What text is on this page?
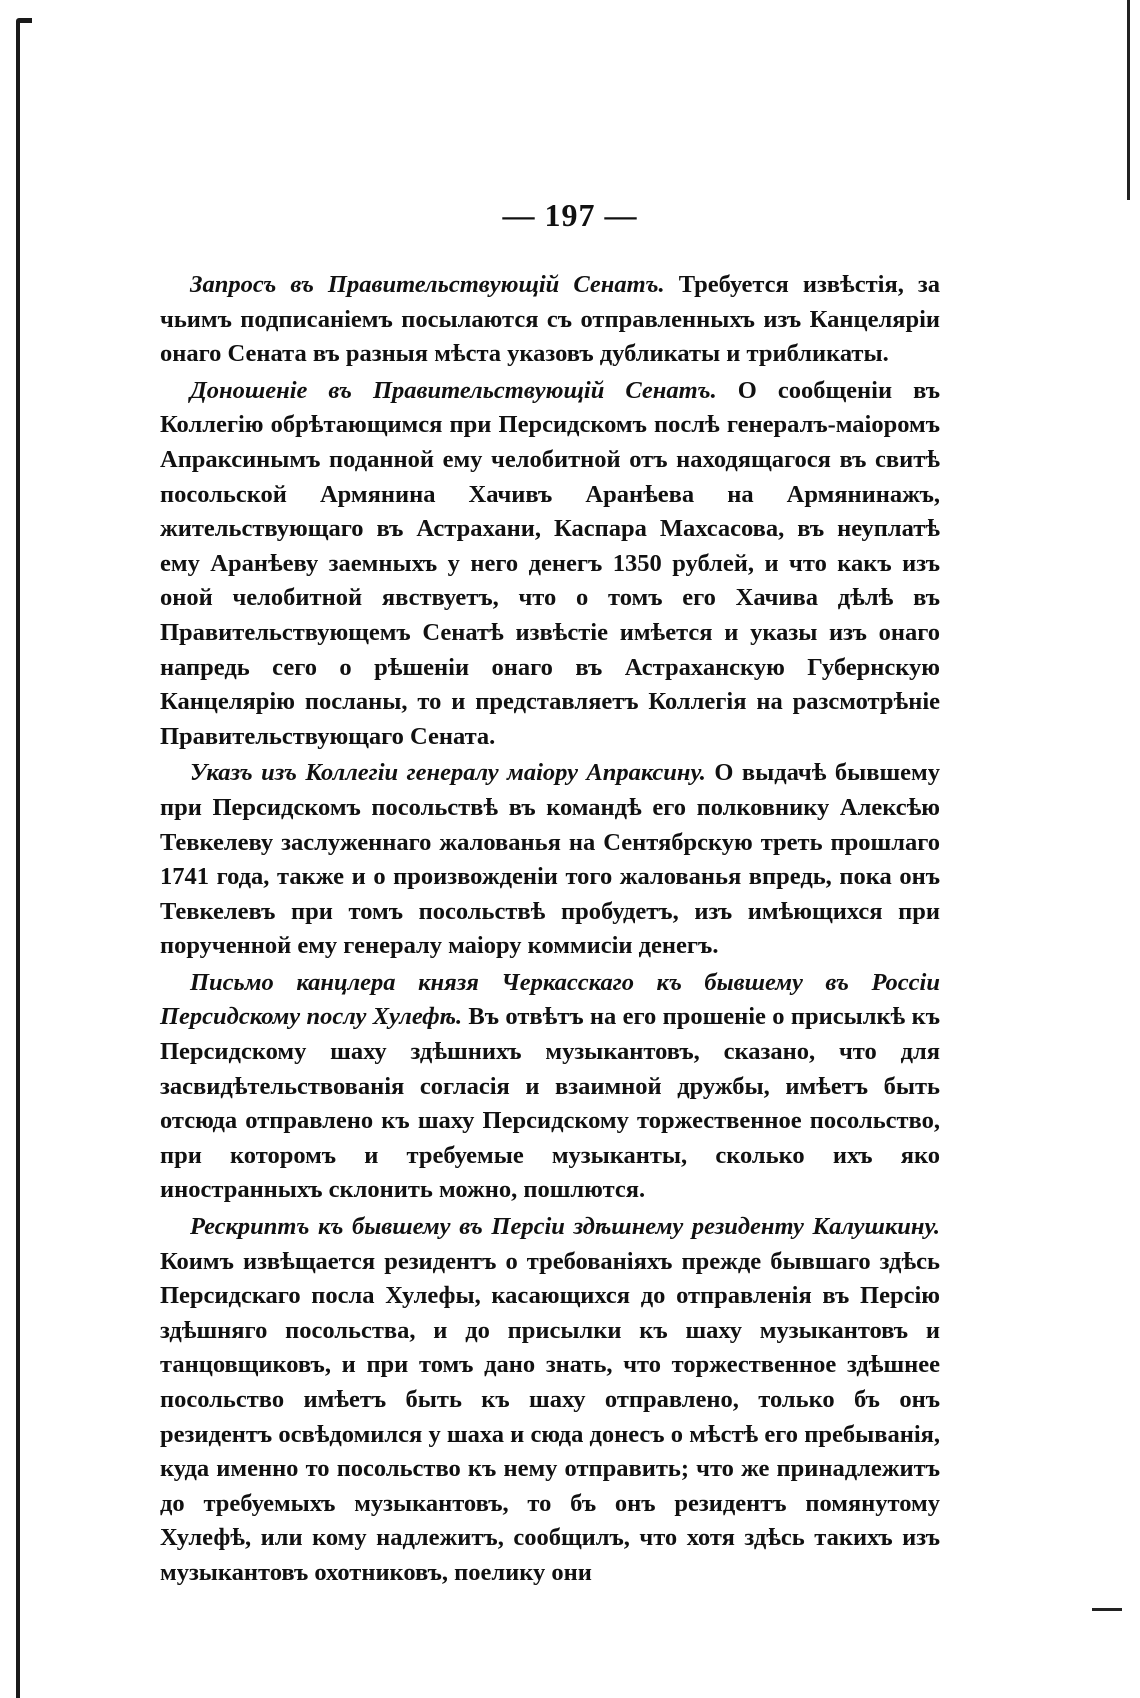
— 197 —

Запросъ въ Правительствующій Сенатъ. Требуется извѣстія, за чьимъ подписаніемъ посылаются съ отправленныхъ изъ Канцеляріи онаго Сената въ разныя мѣста указовъ дубликаты и трибликаты.

Доношеніе въ Правительствующій Сенатъ. О сообщеніи въ Коллегію обрѣтающимся при Персидскомъ послѣ генералъ-маіоромъ Апраксинымъ поданной ему челобитной отъ находящагося въ свитѣ посольской Армянина Хачивъ Аранѣева на Армянинажъ, жительствующаго въ Астрахани, Каспара Махсасова, въ неуплатѣ ему Аранѣеву заемныхъ у него денегъ 1350 рублей, и что какъ изъ оной челобитной явствуетъ, что о томъ его Хачива дѣлѣ въ Правительствующемъ Сенатѣ извѣстіе имѣется и указы изъ онаго напредь сего о рѣшеніи онаго въ Астраханскую Губернскую Канцелярію посланы, то и представляетъ Коллегія на разсмотрѣніе Правительствующаго Сената.

Указъ изъ Коллегіи генералу маіору Апраксину. О выдачѣ бывшему при Персидскомъ посольствѣ въ командѣ его полковнику Алексѣю Тевкелеву заслуженнаго жалованья на Сентябрскую треть прошлаго 1741 года, также и о произвожденіи того жалованья впредь, пока онъ Тевкелевъ при томъ посольствѣ пробудетъ, изъ имѣющихся при порученной ему генералу маіору коммисіи денегъ.

Письмо канцлера князя Черкасскаго къ бывшему въ Россіи Персидскому послу Хулефѣ. Въ отвѣтъ на его прошеніе о присылкѣ къ Персидскому шаху здѣшнихъ музыкантовъ, сказано, что для засвидѣтельствованія согласія и взаимной дружбы, имѣетъ быть отсюда отправлено къ шаху Персидскому торжественное посольство, при которомъ и требуемые музыканты, сколько ихъ яко иностранныхъ склонить можно, пошлются.

Рескриптъ къ бывшему въ Персіи здѣшнему резиденту Калушкину. Коимъ извѣщается резидентъ о требованіяхъ прежде бывшаго здѣсь Персидскаго посла Хулефы, касающихся до отправленія въ Персію здѣшняго посольства, и до присылки къ шаху музыкантовъ и танцовщиковъ, и при томъ дано знать, что торжественное здѣшнее посольство имѣетъ быть къ шаху отправлено, только бъ онъ резидентъ освѣдомился у шаха и сюда донесъ о мѣстѣ его пребыванія, куда именно то посольство къ нему отправить; что же принадлежитъ до требуемыхъ музыкантовъ, то бъ онъ резидентъ помянутому Хулефѣ, или кому надлежитъ, сообщилъ, что хотя здѣсь такихъ изъ музыкантовъ охотниковъ, поелику они
